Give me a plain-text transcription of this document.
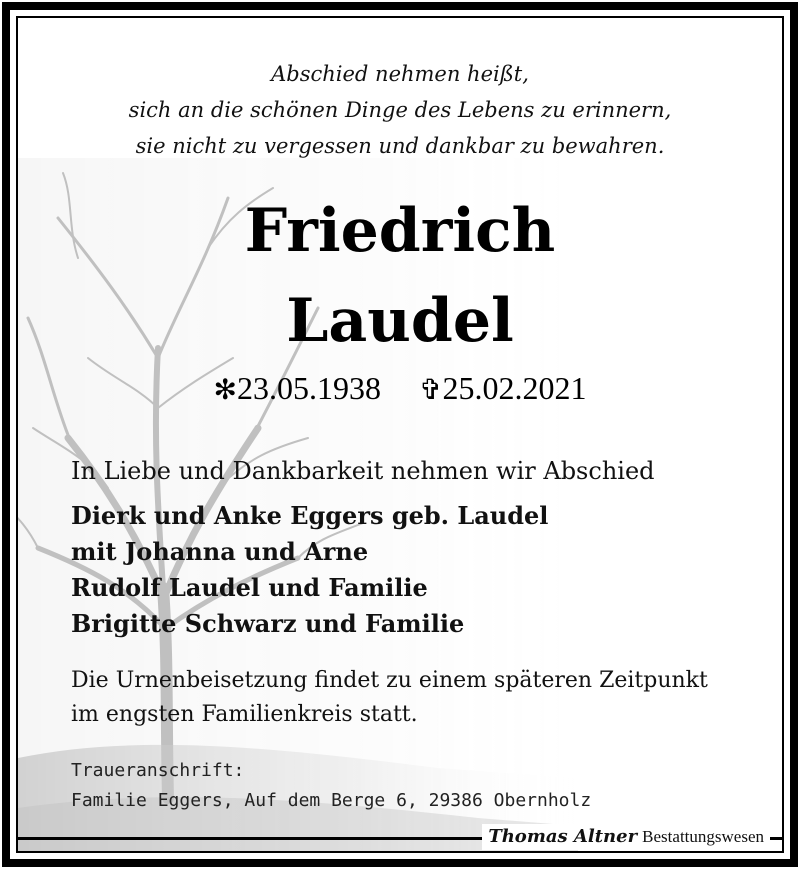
Abschied nehmen heißt,
sich an die schönen Dinge des Lebens zu erinnern,
sie nicht zu vergessen und dankbar zu bewahren.
Friedrich
Laudel
✻23.05.1938 ✞25.02.2021
In Liebe und Dankbarkeit nehmen wir Abschied
Dierk und Anke Eggers geb. Laudel
mit Johanna und Arne
Rudolf Laudel und Familie
Brigitte Schwarz und Familie
Die Urnenbeisetzung findet zu einem späteren Zeitpunkt
im engsten Familienkreis statt.
Traueranschrift:
Familie Eggers, Auf dem Berge 6, 29386 Obernholz
Thomas Altner Bestattungswesen
